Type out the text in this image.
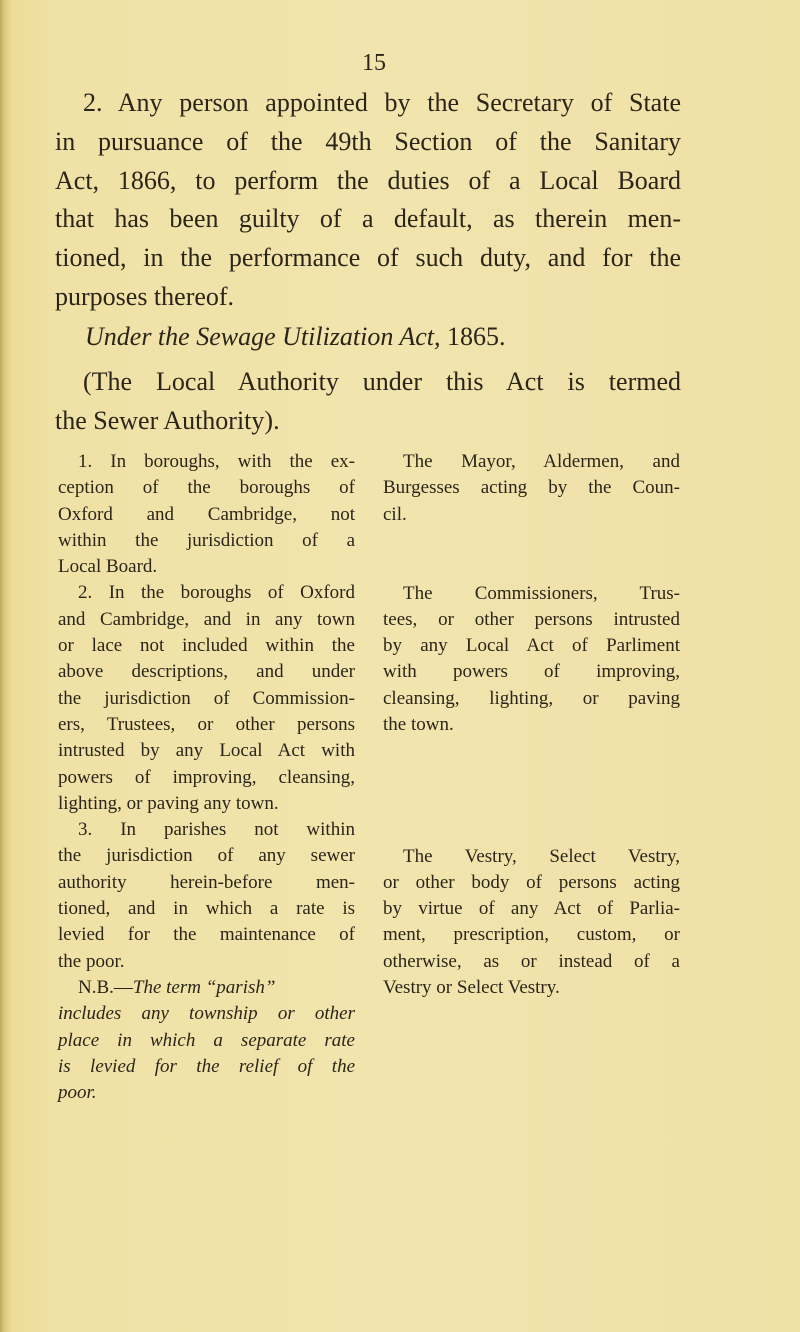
15
2. Any person appointed by the Secretary of State
in pursuance of the 49th Section of the Sanitary
Act, 1866, to perform the duties of a Local Board
that has been guilty of a default, as therein men-
tioned, in the performance of such duty, and for the
purposes thereof.
Under the Sewage Utilization Act, 1865.
(The Local Authority under this Act is termed
the Sewer Authority).
1. In boroughs, with the ex-
ception of the boroughs of
Oxford and Cambridge, not
within the jurisdiction of a
Local Board.
2. In the boroughs of Oxford
and Cambridge, and in any town
or lace not included within the
above descriptions, and under
the jurisdiction of Commission-
ers, Trustees, or other persons
intrusted by any Local Act with
powers of improving, cleansing,
lighting, or paving any town.
3. In parishes not within
the jurisdiction of any sewer
authority herein-before men-
tioned, and in which a rate is
levied for the maintenance of
the poor.
N.B.—The term “parish”
includes any township or other
place in which a separate rate
is levied for the relief of the
poor.
The Mayor, Aldermen, and
Burgesses acting by the Coun-
cil.
The Commissioners, Trus-
tees, or other persons intrusted
by any Local Act of Parliment
with powers of improving,
cleansing, lighting, or paving
the town.
The Vestry, Select Vestry,
or other body of persons acting
by virtue of any Act of Parlia-
ment, prescription, custom, or
otherwise, as or instead of a
Vestry or Select Vestry.
